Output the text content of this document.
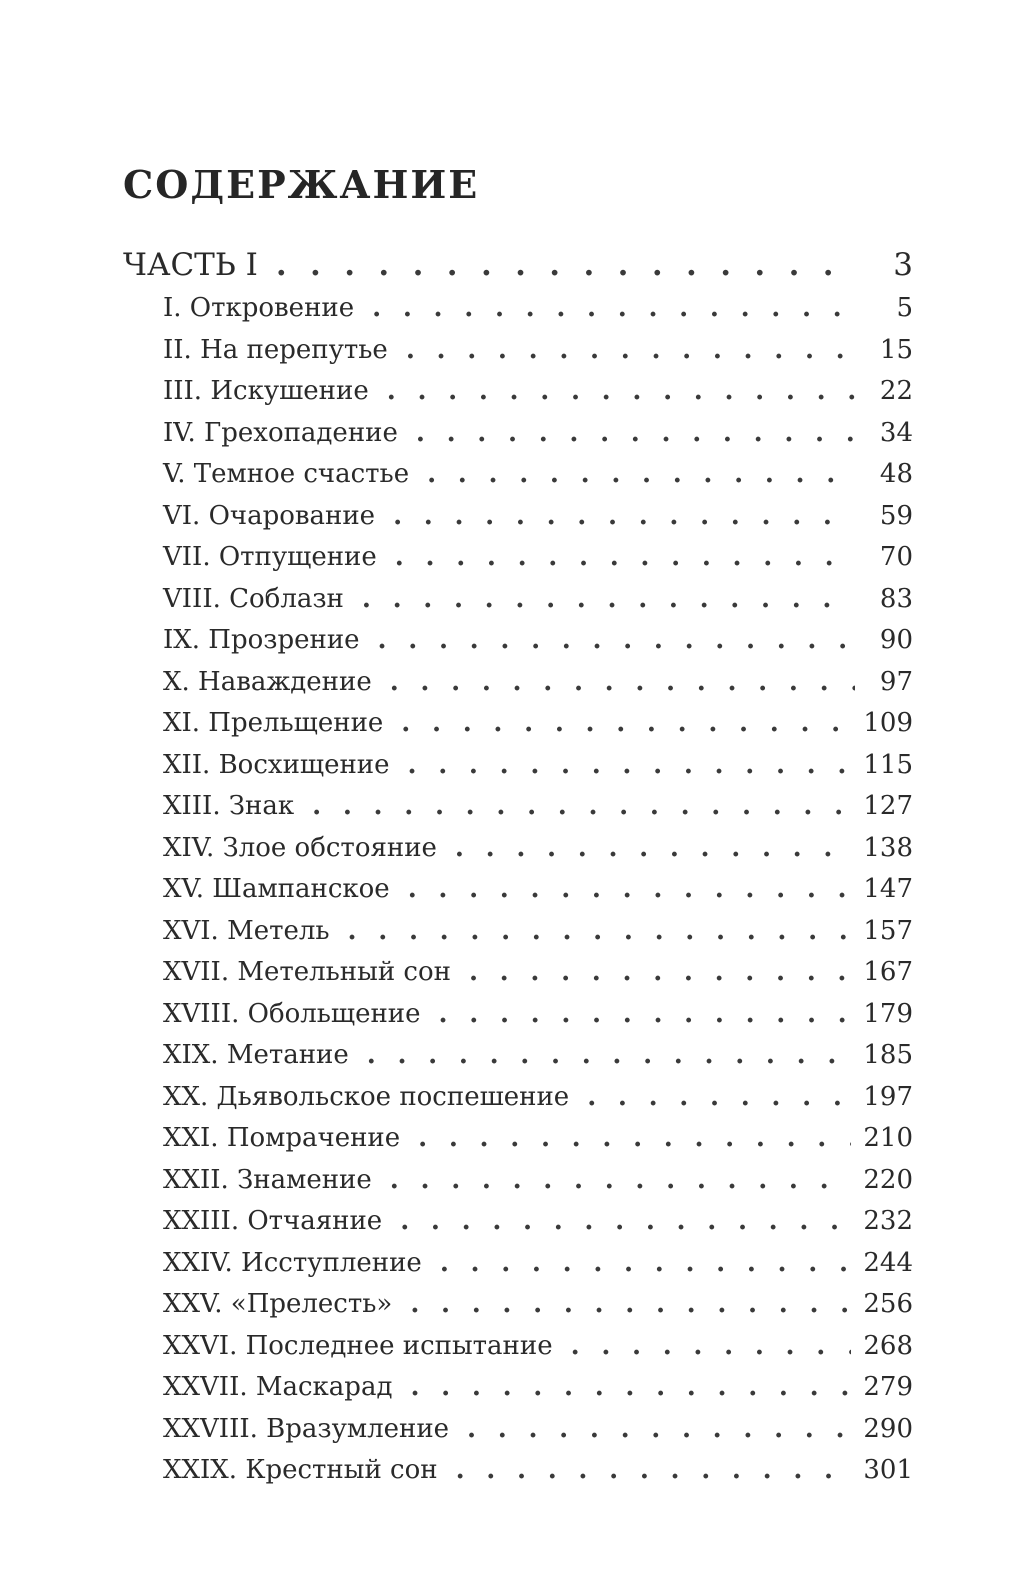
СОДЕРЖАНИЕ
ЧАСТЬ I . . .	3
I. Откровение . . .	5
II. На перепутье . . .	15
III. Искушение . . .	22
IV. Грехопадение . . .	34
V. Темное счастье . . .	48
VI. Очарование . . .	59
VII. Отпущение . . .	70
VIII. Соблазн . . .	83
IX. Прозрение . . .	90
X. Наваждение . . .	97
XI. Прельщение . . .	109
XII. Восхищение . . .	115
XIII. Знак . . .	127
XIV. Злое обстояние . . .	138
XV. Шампанское . . .	147
XVI. Метель . . .	157
XVII. Метельный сон . . .	167
XVIII. Обольщение . . .	179
XIX. Метание . . .	185
XX. Дьявольское поспешение . . .	197
XXI. Помрачение . . .	210
XXII. Знамение . . .	220
XXIII. Отчаяние . . .	232
XXIV. Исступление . . .	244
XXV. «Прелесть» . . .	256
XXVI. Последнее испытание . . .	268
XXVII. Маскарад . . .	279
XXVIII. Вразумление . . .	290
XXIX. Крестный сон . . .	301
